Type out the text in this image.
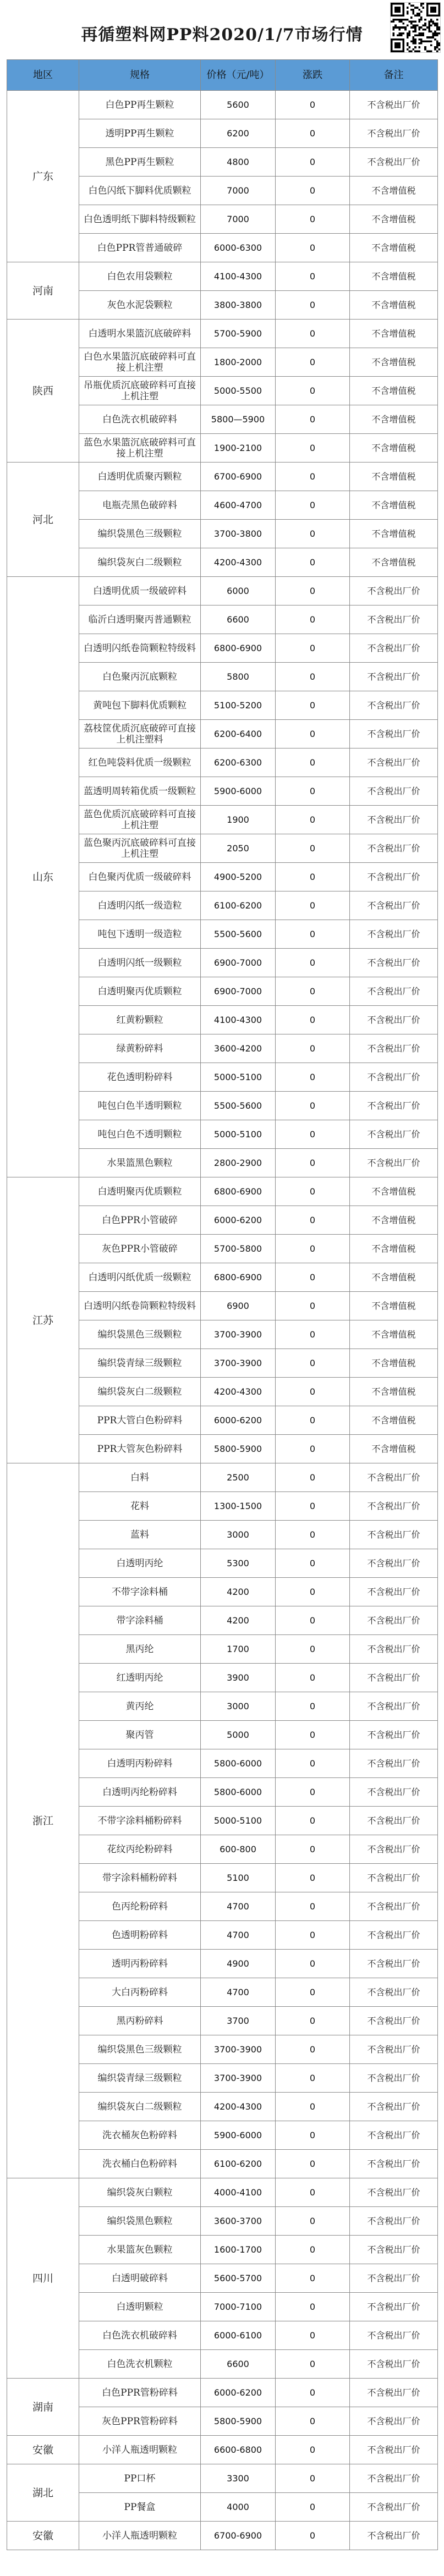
再循塑料网PP料2020/1/7市场行情
地区	规格	价格（元/吨）	涨跌	备注
广东	白色PP再生颗粒	5600	0	不含税出厂价
	透明PP再生颗粒	6200	0	不含税出厂价
	黑色PP再生颗粒	4800	0	不含税出厂价
	白色闪纸下脚料优质颗粒	7000	0	不含增值税
	白色透明纸下脚料特级颗粒	7000	0	不含增值税
	白色PPR管普通破碎	6000-6300	0	不含增值税
河南	白色农用袋颗粒	4100-4300	0	不含增值税
	灰色水泥袋颗粒	3800-3800	0	不含增值税
陕西	白透明水果篮沉底破碎料	5700-5900	0	不含增值税
	白色水果篮沉底破碎料可直接上机注塑	1800-2000	0	不含增值税
	吊瓶优质沉底破碎料可直接上机注塑	5000-5500	0	不含增值税
	白色洗衣机破碎料	5800—5900	0	不含增值税
	蓝色水果篮沉底破碎料可直接上机注塑	1900-2100	0	不含增值税
河北	白透明优质聚丙颗粒	6700-6900	0	不含增值税
	电瓶壳黑色破碎料	4600-4700	0	不含增值税
	编织袋黑色三级颗粒	3700-3800	0	不含增值税
	编织袋灰白二级颗粒	4200-4300	0	不含增值税
山东	白透明优质一级破碎料	6000	0	不含税出厂价
	临沂白透明聚丙普通颗粒	6600	0	不含税出厂价
	白透明闪纸卷筒颗粒特级料	6800-6900	0	不含税出厂价
	白色聚丙沉底颗粒	5800	0	不含税出厂价
	黄吨包下脚料优质颗粒	5100-5200	0	不含税出厂价
	荔枝筐优质沉底破碎可直接上机注塑料	6200-6400	0	不含税出厂价
	红色吨袋料优质一级颗粒	6200-6300	0	不含税出厂价
	蓝透明周转箱优质一级颗粒	5900-6000	0	不含税出厂价
	蓝色优质沉底破碎料可直接上机注塑	1900	0	不含税出厂价
	蓝色聚丙沉底破碎料可直接上机注塑	2050	0	不含税出厂价
	白色聚丙优质一级破碎料	4900-5200	0	不含税出厂价
	白透明闪纸一级造粒	6100-6200	0	不含税出厂价
	吨包下透明一级造粒	5500-5600	0	不含税出厂价
	白透明闪纸一级颗粒	6900-7000	0	不含税出厂价
	白透明聚丙优质颗粒	6900-7000	0	不含税出厂价
	红黄粉颗粒	4100-4300	0	不含税出厂价
	绿黄粉碎料	3600-4200	0	不含税出厂价
	花色透明粉碎料	5000-5100	0	不含税出厂价
	吨包白色半透明颗粒	5500-5600	0	不含税出厂价
	吨包白色不透明颗粒	5000-5100	0	不含税出厂价
	水果篮黑色颗粒	2800-2900	0	不含税出厂价
江苏	白透明聚丙优质颗粒	6800-6900	0	不含增值税
	白色PPR小管破碎	6000-6200	0	不含增值税
	灰色PPR小管破碎	5700-5800	0	不含增值税
	白透明闪纸优质一级颗粒	6800-6900	0	不含增值税
	白透明闪纸卷筒颗粒特级料	6900	0	不含增值税
	编织袋黑色三级颗粒	3700-3900	0	不含增值税
	编织袋青绿三级颗粒	3700-3900	0	不含增值税
	编织袋灰白二级颗粒	4200-4300	0	不含增值税
	PPR大管白色粉碎料	6000-6200	0	不含增值税
	PPR大管灰色粉碎料	5800-5900	0	不含增值税
浙江	白料	2500	0	不含税出厂价
	花料	1300-1500	0	不含税出厂价
	蓝料	3000	0	不含税出厂价
	白透明丙纶	5300	0	不含税出厂价
	不带字涂料桶	4200	0	不含税出厂价
	带字涂料桶	4200	0	不含税出厂价
	黑丙纶	1700	0	不含税出厂价
	红透明丙纶	3900	0	不含税出厂价
	黄丙纶	3000	0	不含税出厂价
	聚丙管	5000	0	不含税出厂价
	白透明丙粉碎料	5800-6000	0	不含税出厂价
	白透明丙纶粉碎料	5800-6000	0	不含税出厂价
	不带字涂料桶粉碎料	5000-5100	0	不含税出厂价
	花纹丙纶粉碎料	600-800	0	不含税出厂价
	带字涂料桶粉碎料	5100	0	不含税出厂价
	色丙纶粉碎料	4700	0	不含税出厂价
	色透明粉碎料	4700	0	不含税出厂价
	透明丙粉碎料	4900	0	不含税出厂价
	大白丙粉碎料	4700	0	不含税出厂价
	黑丙粉碎料	3700	0	不含税出厂价
	编织袋黑色三级颗粒	3700-3900	0	不含税出厂价
	编织袋青绿三级颗粒	3700-3900	0	不含税出厂价
	编织袋灰白二级颗粒	4200-4300	0	不含税出厂价
	洗衣桶灰色粉碎料	5900-6000	0	不含税出厂价
	洗衣桶白色粉碎料	6100-6200	0	不含税出厂价
四川	编织袋灰白颗粒	4000-4100	0	不含税出厂价
	编织袋黑色颗粒	3600-3700	0	不含税出厂价
	水果篮灰色颗粒	1600-1700	0	不含税出厂价
	白透明破碎料	5600-5700	0	不含税出厂价
	白透明颗粒	7000-7100	0	不含税出厂价
	白色洗衣机破碎料	6000-6100	0	不含税出厂价
	白色洗衣机颗粒	6600	0	不含税出厂价
湖南	白色PPR管粉碎料	6000-6200	0	不含税出厂价
	灰色PPR管粉碎料	5800-5900	0	不含税出厂价
安徽	小洋人瓶透明颗粒	6600-6800	0	不含税出厂价
湖北	PP口杯	3300	0	不含税出厂价
	PP餐盒	4000	0	不含税出厂价
安徽	小洋人瓶透明颗粒	6700-6900	0	不含税出厂价
